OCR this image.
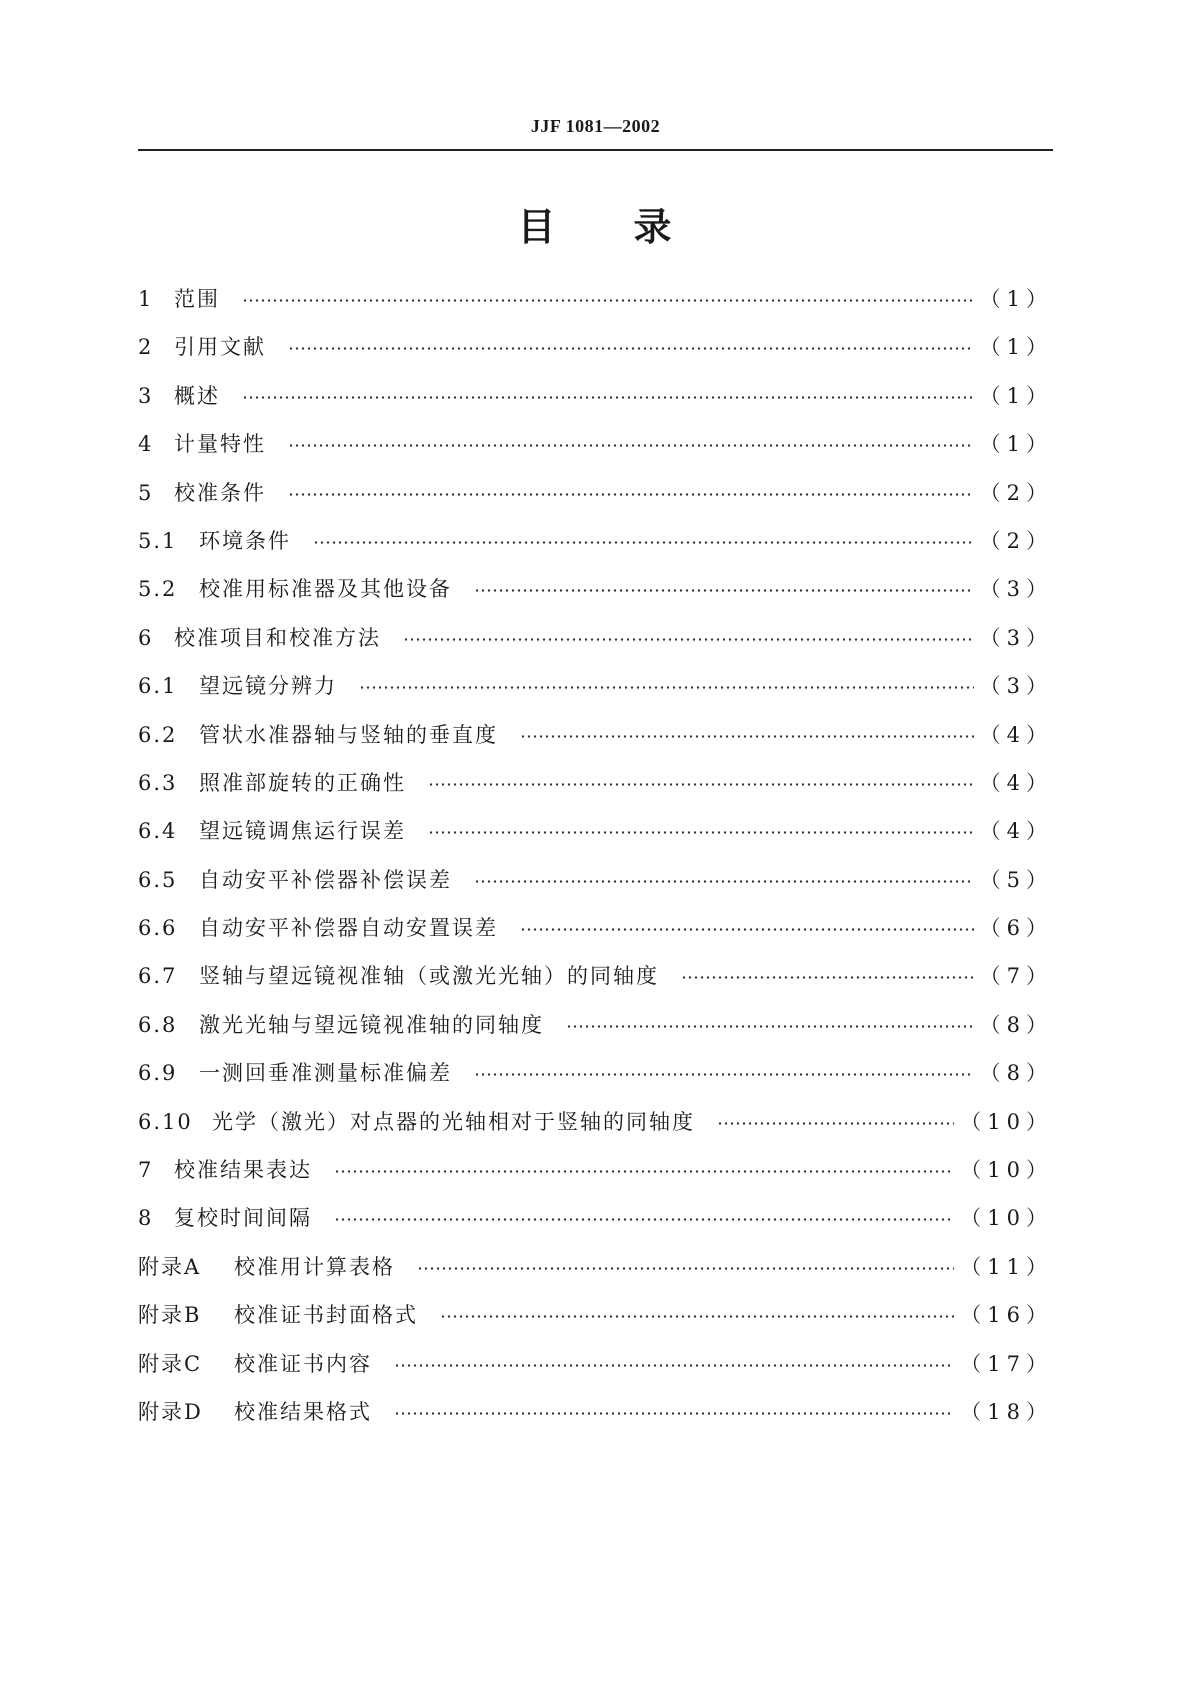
JJF 1081—2002
目 录
1 范围	（1）
2 引用文献	（1）
3 概述	（1）
4 计量特性	（1）
5 校准条件	（2）
5.1	环境条件	（2）
5.2	校准用标准器及其他设备	（3）
6 校准项目和校准方法	（3）
6.1	望远镜分辨力	（3）
6.2	管状水准器轴与竖轴的垂直度	（4）
6.3	照准部旋转的正确性	（4）
6.4	望远镜调焦运行误差	（4）
6.5	自动安平补偿器补偿误差	（5）
6.6	自动安平补偿器自动安置误差	（6）
6.7	竖轴与望远镜视准轴（或激光光轴）的同轴度	（7）
6.8	激光光轴与望远镜视准轴的同轴度	（8）
6.9	一测回垂准测量标准偏差	（8）
6.10 光学（激光）对点器的光轴相对于竖轴的同轴度	（10）
7 校准结果表达	（10）
8 复校时间间隔	（10）
附录A	校准用计算表格	（11）
附录B	校准证书封面格式	（16）
附录C	校准证书内容	（17）
附录D	校准结果格式	（18）
